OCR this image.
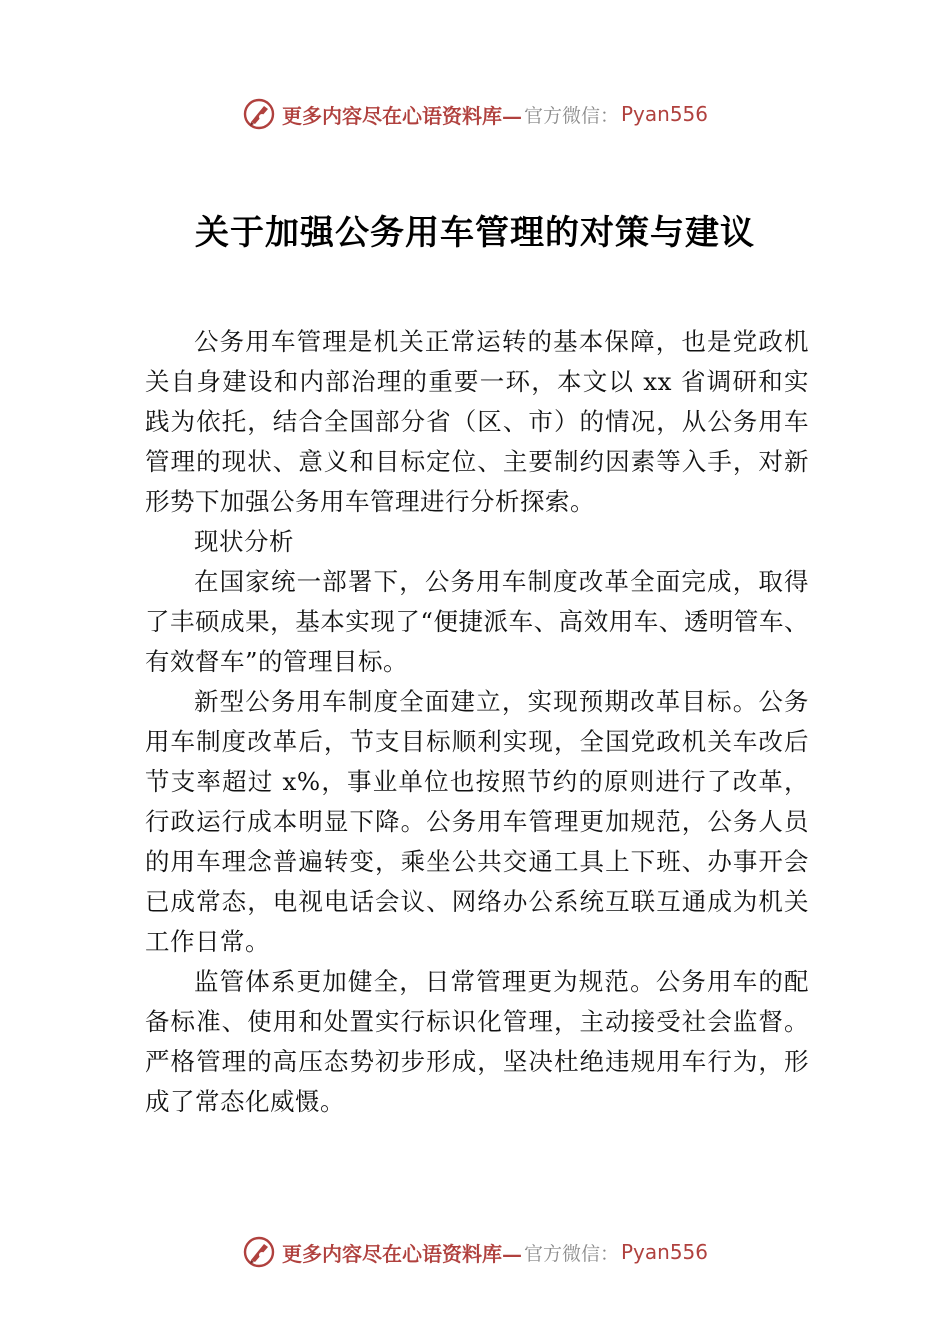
更多内容尽在心语资料库— 官方微信： Pyan556
关于加强公务用车管理的对策与建议

公务用车管理是机关正常运转的基本保障，也是党政机关自身建设和内部治理的重要一环，本文以 xx 省调研和实践为依托，结合全国部分省（区、市）的情况，从公务用车管理的现状、意义和目标定位、主要制约因素等入手，对新形势下加强公务用车管理进行分析探索。

现状分析

在国家统一部署下，公务用车制度改革全面完成，取得了丰硕成果，基本实现了“便捷派车、高效用车、透明管车、有效督车”的管理目标。

新型公务用车制度全面建立，实现预期改革目标。公务用车制度改革后，节支目标顺利实现，全国党政机关车改后节支率超过 x%，事业单位也按照节约的原则进行了改革，行政运行成本明显下降。公务用车管理更加规范，公务人员的用车理念普遍转变，乘坐公共交通工具上下班、办事开会已成常态，电视电话会议、网络办公系统互联互通成为机关工作日常。

监管体系更加健全，日常管理更为规范。公务用车的配备标准、使用和处置实行标识化管理，主动接受社会监督。 严格管理的高压态势初步形成，坚决杜绝违规用车行为，形成了常态化威慑。

更多内容尽在心语资料库— 官方微信： Pyan556
